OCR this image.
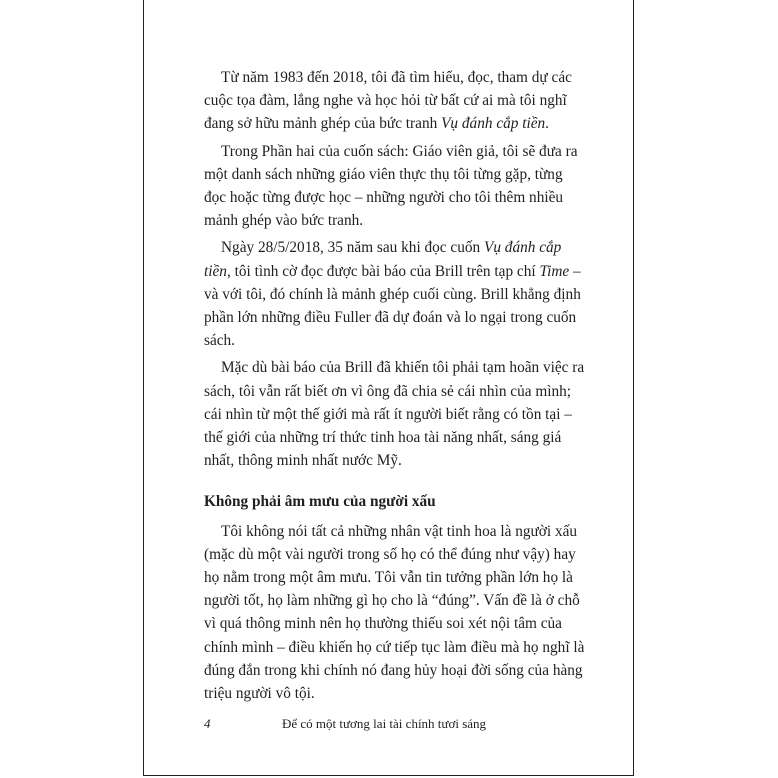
Từ năm 1983 đến 2018, tôi đã tìm hiểu, đọc, tham dự các cuộc tọa đàm, lắng nghe và học hỏi từ bất cứ ai mà tôi nghĩ đang sở hữu mảnh ghép của bức tranh Vụ đánh cắp tiền.

Trong Phần hai của cuốn sách: Giáo viên giả, tôi sẽ đưa ra một danh sách những giáo viên thực thụ tôi từng gặp, từng đọc hoặc từng được học – những người cho tôi thêm nhiều mảnh ghép vào bức tranh.

Ngày 28/5/2018, 35 năm sau khi đọc cuốn Vụ đánh cắp tiền, tôi tình cờ đọc được bài báo của Brill trên tạp chí Time – và với tôi, đó chính là mảnh ghép cuối cùng. Brill khẳng định phần lớn những điều Fuller đã dự đoán và lo ngại trong cuốn sách.

Mặc dù bài báo của Brill đã khiến tôi phải tạm hoãn việc ra sách, tôi vẫn rất biết ơn vì ông đã chia sẻ cái nhìn của mình; cái nhìn từ một thế giới mà rất ít người biết rằng có tồn tại – thế giới của những trí thức tinh hoa tài năng nhất, sáng giá nhất, thông minh nhất nước Mỹ.

Không phải âm mưu của người xấu

Tôi không nói tất cả những nhân vật tinh hoa là người xấu (mặc dù một vài người trong số họ có thể đúng như vậy) hay họ nằm trong một âm mưu. Tôi vẫn tin tưởng phần lớn họ là người tốt, họ làm những gì họ cho là “đúng”. Vấn đề là ở chỗ vì quá thông minh nên họ thường thiếu soi xét nội tâm của chính mình – điều khiến họ cứ tiếp tục làm điều mà họ nghĩ là đúng đắn trong khi chính nó đang hủy hoại đời sống của hàng triệu người vô tội.

4	Để có một tương lai tài chính tươi sáng
